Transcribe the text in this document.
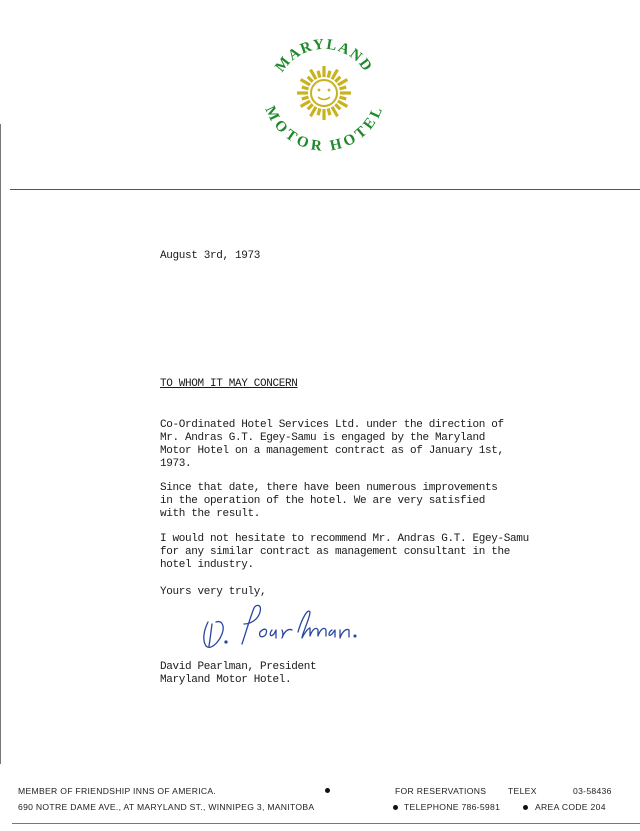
MARYLAND
MOTOR HOTEL

August 3rd, 1973

TO WHOM IT MAY CONCERN

Co-Ordinated Hotel Services Ltd. under the direction of
Mr. Andras G.T. Egey-Samu is engaged by the Maryland
Motor Hotel on a management contract as of January 1st,
1973.

Since that date, there have been numerous improvements
in the operation of the hotel. We are very satisfied
with the result.

I would not hesitate to recommend Mr. Andras G.T. Egey-Samu
for any similar contract as management consultant in the
hotel industry.

Yours very truly,

David Pearlman, President

Maryland Motor Hotel.

MEMBER OF FRIENDSHIP INNS OF AMERICA.	FOR RESERVATIONS	TELEX	03-58436
690 NOTRE DAME AVE., AT MARYLAND ST., WINNIPEG 3, MANITOBA	TELEPHONE 786-5981	AREA CODE 204
